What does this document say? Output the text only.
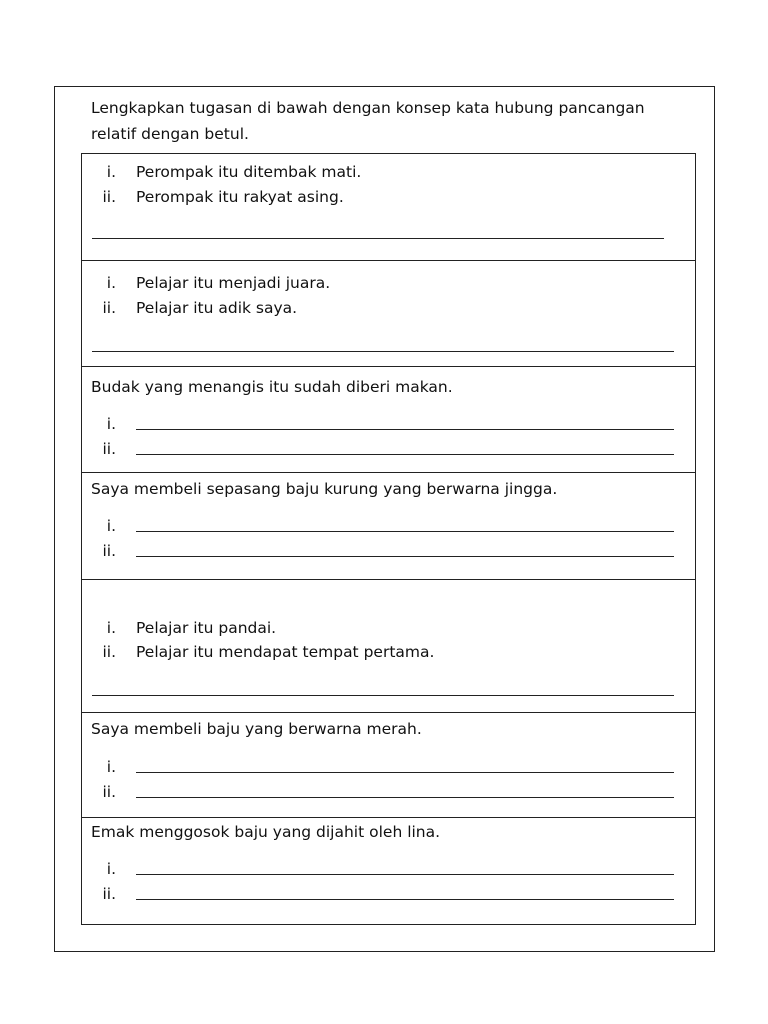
Lengkapkan tugasan di bawah dengan konsep kata hubung pancangan
relatif dengan betul.
i. Perompak itu ditembak mati.
ii. Perompak itu rakyat asing.
i. Pelajar itu menjadi juara.
ii. Pelajar itu adik saya.
Budak yang menangis itu sudah diberi makan.
i.
ii.
Saya membeli sepasang baju kurung yang berwarna jingga.
i.
ii.
i. Pelajar itu pandai.
ii. Pelajar itu mendapat tempat pertama.
Saya membeli baju yang berwarna merah.
i.
ii.
Emak menggosok baju yang dijahit oleh lina.
i.
ii.
